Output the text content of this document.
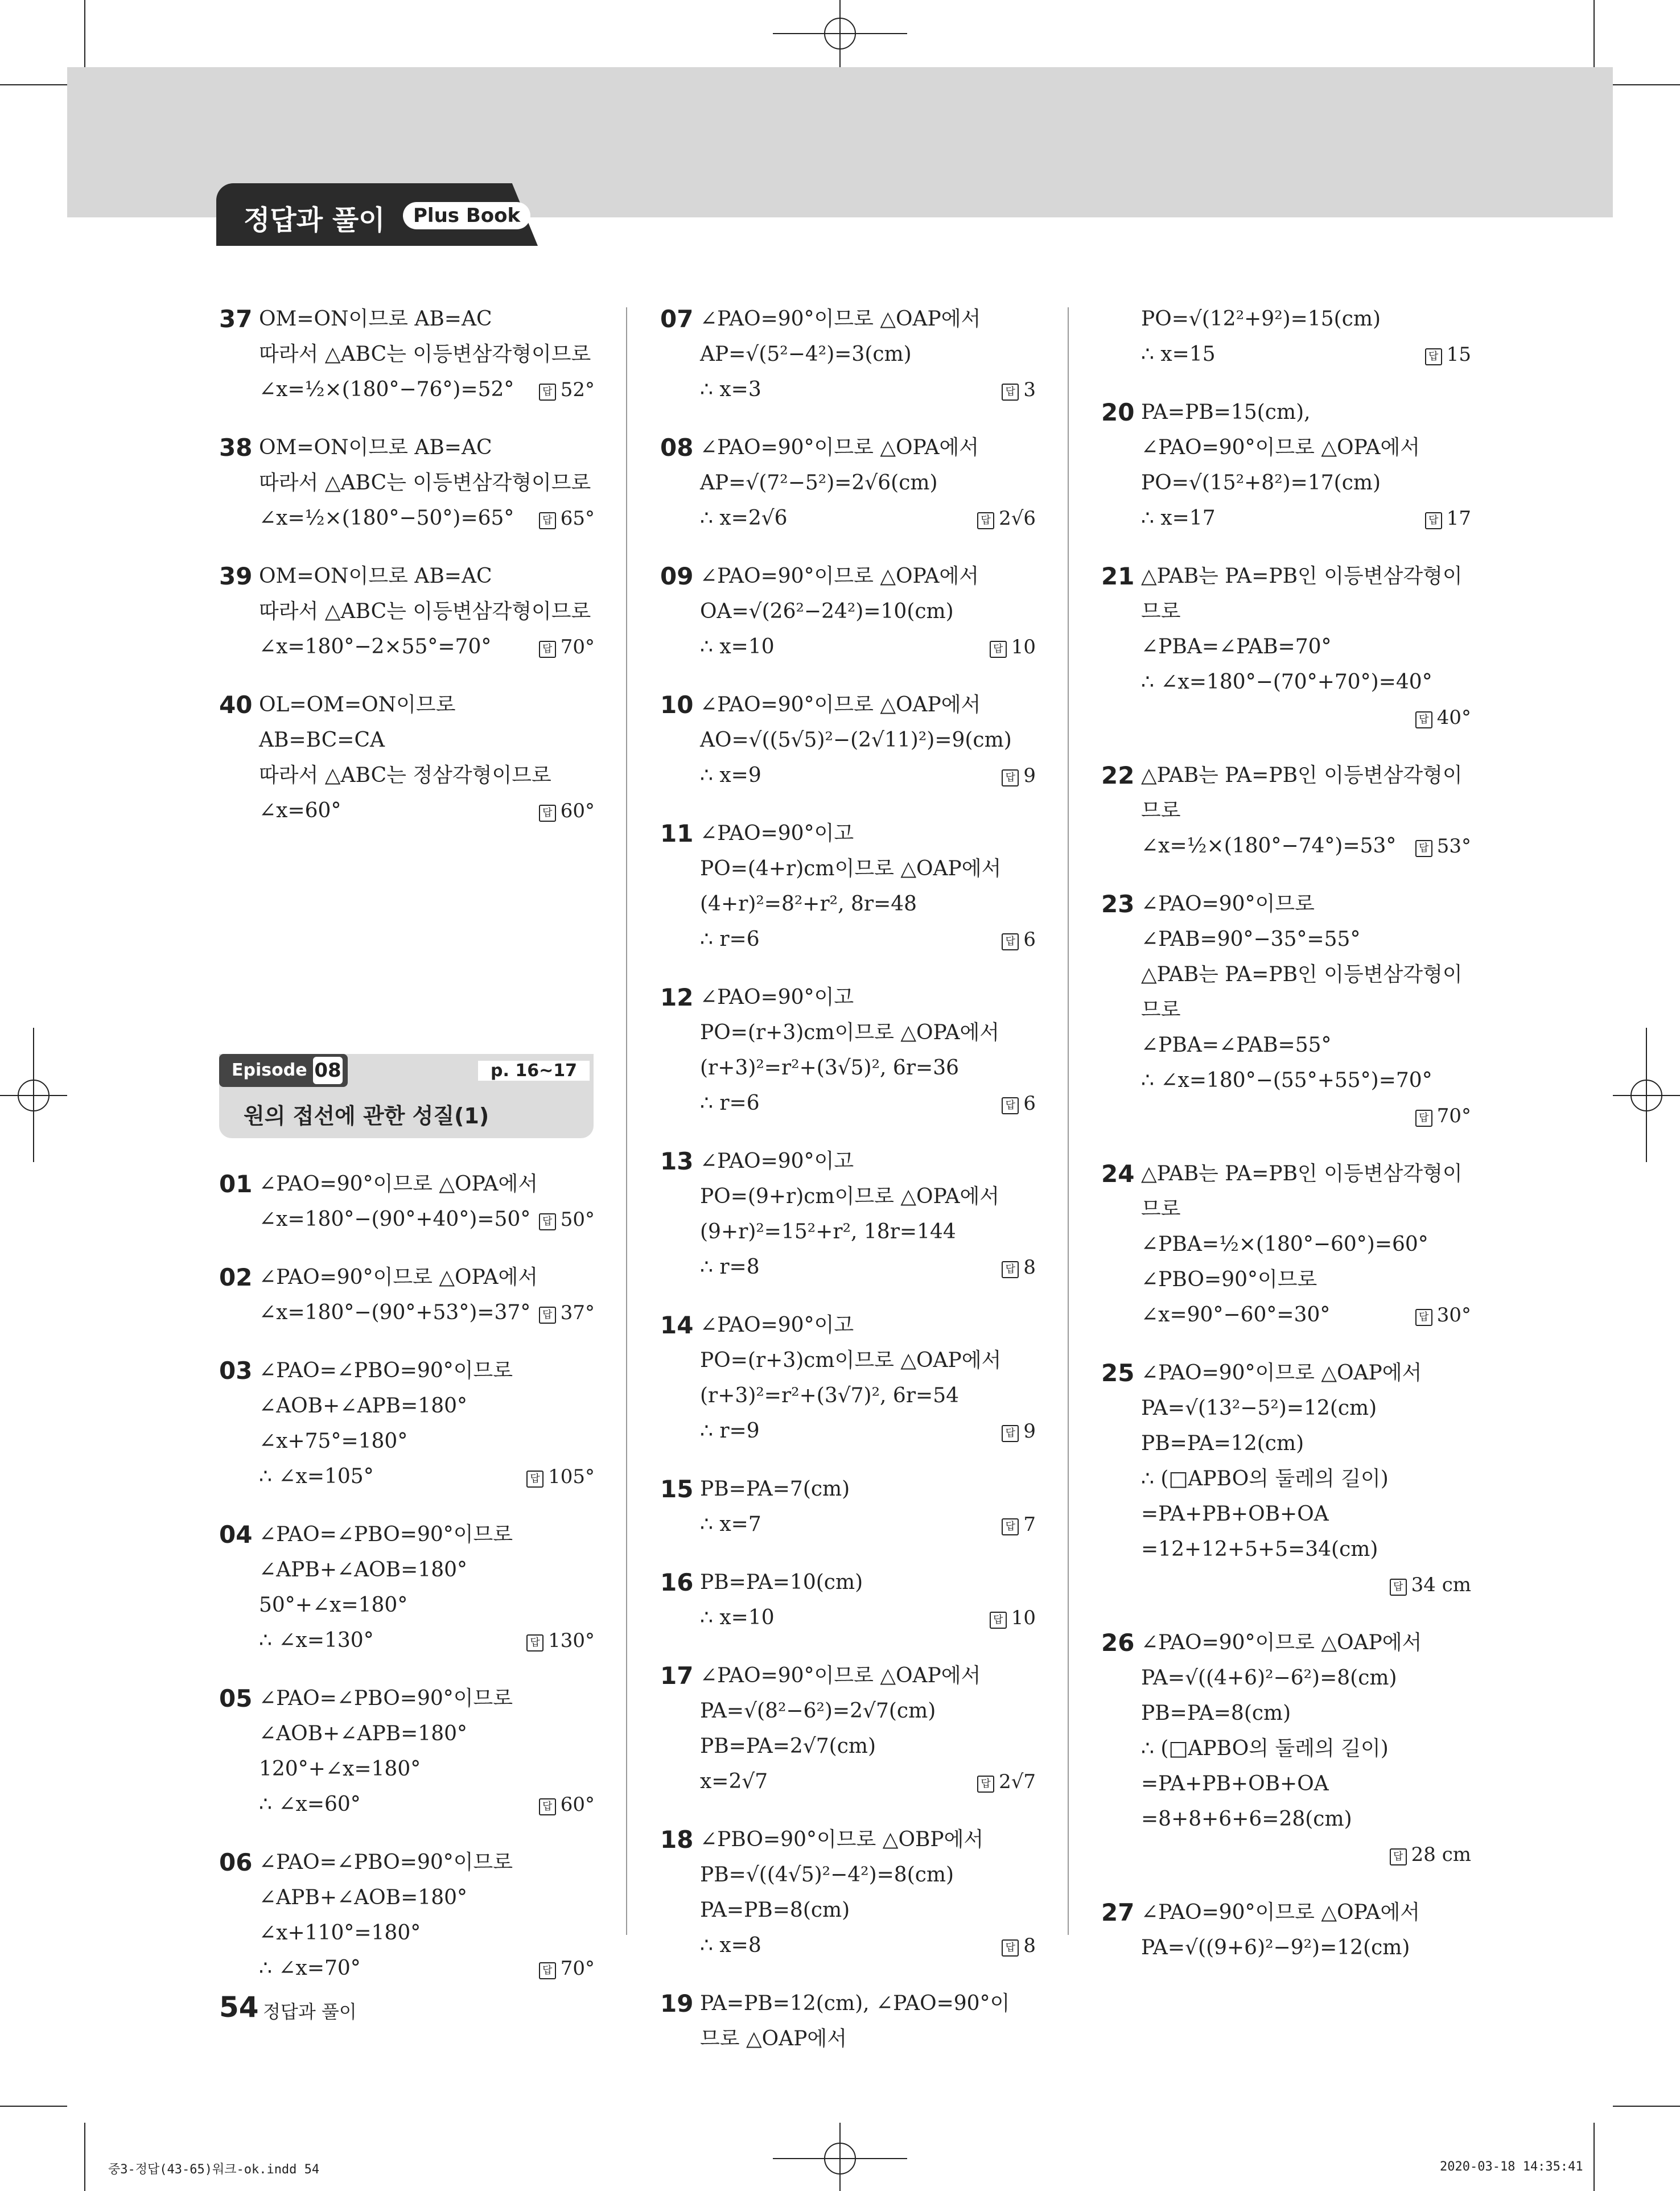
정답과 풀이	Plus Book
37 OM=ON이므로 AB=AC
따라서 △ABC는 이등변삼각형이므로
∠x=½×(180°−76°)=52°	답 52°
38 OM=ON이므로 AB=AC
따라서 △ABC는 이등변삼각형이므로
∠x=½×(180°−50°)=65°	답 65°
39 OM=ON이므로 AB=AC
따라서 △ABC는 이등변삼각형이므로
∠x=180°−2×55°=70°	답 70°
40 OL=OM=ON이므로
AB=BC=CA
따라서 △ABC는 정삼각형이므로
∠x=60°	답 60°
01 ∠PAO=90°이므로 △OPA에서
∠x=180°−(90°+40°)=50°	답 50°
02 ∠PAO=90°이므로 △OPA에서
∠x=180°−(90°+53°)=37°	답 37°
03 ∠PAO=∠PBO=90°이므로
∠AOB+∠APB=180°
∠x+75°=180°
∴ ∠x=105°	답 105°
04 ∠PAO=∠PBO=90°이므로
∠APB+∠AOB=180°
50°+∠x=180°
∴ ∠x=130°	답 130°
05 ∠PAO=∠PBO=90°이므로
∠AOB+∠APB=180°
120°+∠x=180°
∴ ∠x=60°	답 60°
06 ∠PAO=∠PBO=90°이므로
∠APB+∠AOB=180°
∠x+110°=180°
∴ ∠x=70°	답 70°
07 ∠PAO=90°이므로 △OAP에서
AP=√(5²−4²)=3(cm)
∴ x=3	답 3
08 ∠PAO=90°이므로 △OPA에서
AP=√(7²−5²)=2√6(cm)
∴ x=2√6	답 2√6
09 ∠PAO=90°이므로 △OPA에서
OA=√(26²−24²)=10(cm)
∴ x=10	답 10
10 ∠PAO=90°이므로 △OAP에서
AO=√((5√5)²−(2√11)²)=9(cm)
∴ x=9	답 9
11 ∠PAO=90°이고
PO=(4+r)cm이므로 △OAP에서
(4+r)²=8²+r², 8r=48
∴ r=6	답 6
12 ∠PAO=90°이고
PO=(r+3)cm이므로 △OPA에서
(r+3)²=r²+(3√5)², 6r=36
∴ r=6	답 6
13 ∠PAO=90°이고
PO=(9+r)cm이므로 △OPA에서
(9+r)²=15²+r², 18r=144
∴ r=8	답 8
14 ∠PAO=90°이고
PO=(r+3)cm이므로 △OAP에서
(r+3)²=r²+(3√7)², 6r=54
∴ r=9	답 9
15 PB=PA=7(cm)
∴ x=7	답 7
16 PB=PA=10(cm)
∴ x=10	답 10
17 ∠PAO=90°이므로 △OAP에서
PA=√(8²−6²)=2√7(cm)
PB=PA=2√7(cm)
x=2√7	답 2√7
18 ∠PBO=90°이므로 △OBP에서
PB=√((4√5)²−4²)=8(cm)
PA=PB=8(cm)
∴ x=8	답 8
19 PA=PB=12(cm), ∠PAO=90°이
므로 △OAP에서
PO=√(12²+9²)=15(cm)
∴ x=15	답 15
20 PA=PB=15(cm),
∠PAO=90°이므로 △OPA에서
PO=√(15²+8²)=17(cm)
∴ x=17	답 17
21 △PAB는 PA=PB인 이등변삼각형이
므로
∠PBA=∠PAB=70°
∴ ∠x=180°−(70°+70°)=40°
답 40°
22 △PAB는 PA=PB인 이등변삼각형이
므로
∠x=½×(180°−74°)=53°	답 53°
23 ∠PAO=90°이므로
∠PAB=90°−35°=55°
△PAB는 PA=PB인 이등변삼각형이
므로
∠PBA=∠PAB=55°
∴ ∠x=180°−(55°+55°)=70°
답 70°
24 △PAB는 PA=PB인 이등변삼각형이
므로
∠PBA=½×(180°−60°)=60°
∠PBO=90°이므로
∠x=90°−60°=30°	답 30°
25 ∠PAO=90°이므로 △OAP에서
PA=√(13²−5²)=12(cm)
PB=PA=12(cm)
∴ (□APBO의 둘레의 길이)
=PA+PB+OB+OA
=12+12+5+5=34(cm)
답 34 cm
26 ∠PAO=90°이므로 △OAP에서
PA=√((4+6)²−6²)=8(cm)
PB=PA=8(cm)
∴ (□APBO의 둘레의 길이)
=PA+PB+OB+OA
=8+8+6+6=28(cm)
답 28 cm
27 ∠PAO=90°이므로 △OPA에서
PA=√((9+6)²−9²)=12(cm)
Episode 08	p. 16~17
원의 접선에 관한 성질(1)
54 정답과 풀이
중3-정답(43-65)워크-ok.indd 54	2020-03-18 14:35:41
